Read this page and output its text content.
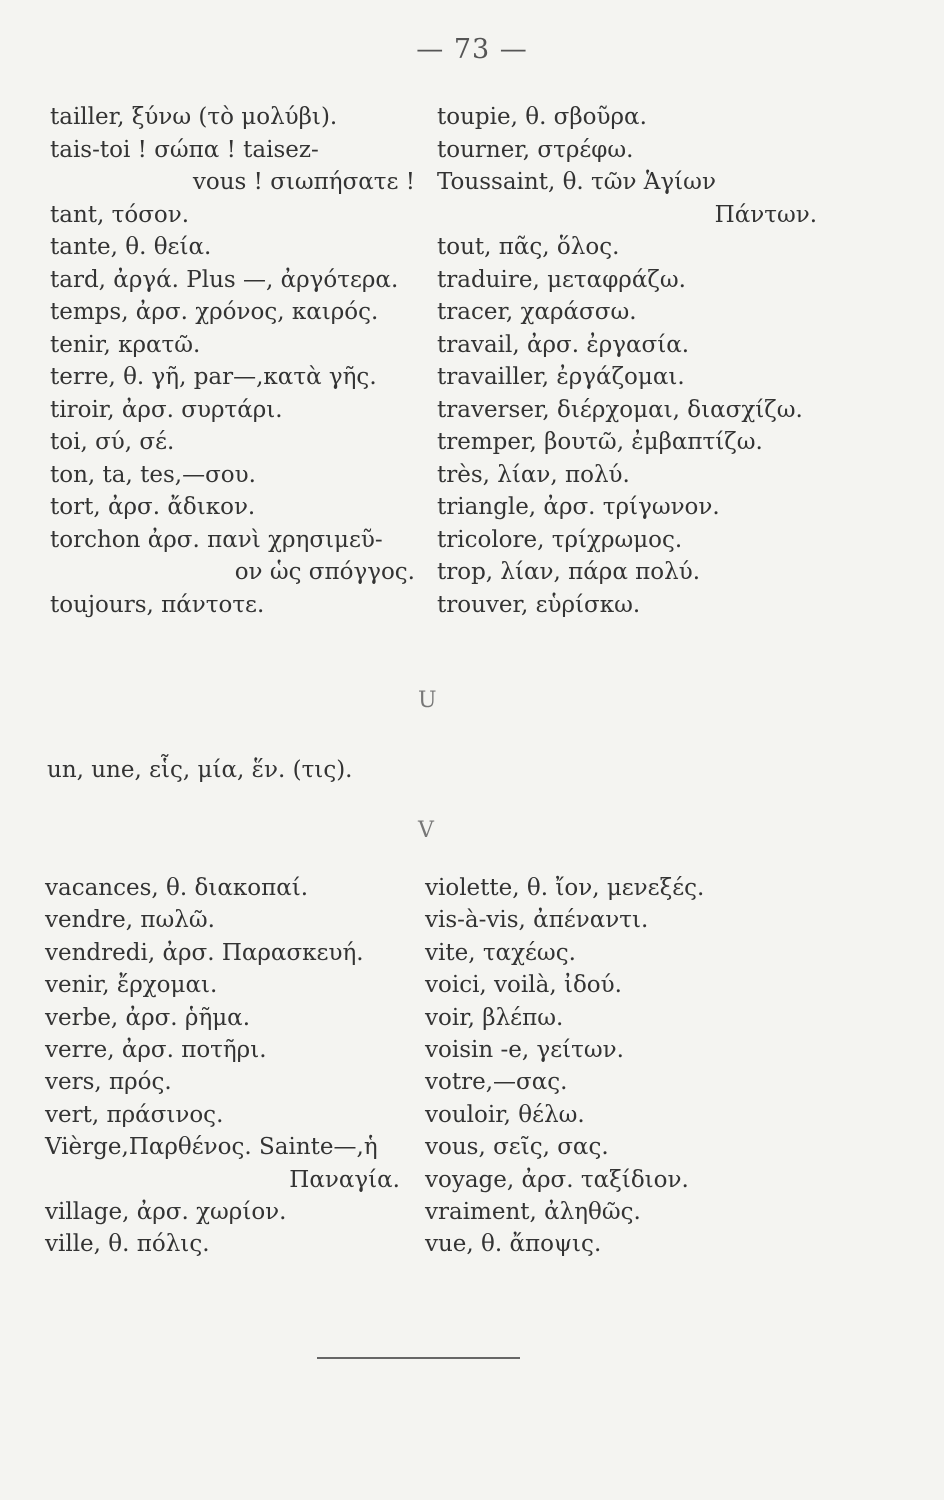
— 73 —
tailler, ξύνω (τὸ μολύβι).
tais-toi ! σώπα ! taisez-
vous ! σιωπήσατε !
tant, τόσον.
tante, θ. θεία.
tard, ἀργά. Plus —, ἀργότερα.
temps, ἀρσ. χρόνος, καιρός.
tenir, κρατῶ.
terre, θ. γῆ, par—,κατὰ γῆς.
tiroir, ἀρσ. συρτάρι.
toi, σύ, σέ.
ton, ta, tes,—σου.
tort, ἀρσ. ἄδικον.
torchon ἀρσ. πανὶ χρησιμεῦ-
ον ὡς σπόγγος.
toujours, πάντοτε.
toupie, θ. σβοῦρα.
tourner, στρέφω.
Toussaint, θ. τῶν Ἁγίων
Πάντων.
tout, πᾶς, ὅλος.
traduire, μεταφράζω.
tracer, χαράσσω.
travail, ἀρσ. ἐργασία.
travailler, ἐργάζομαι.
traverser, διέρχομαι, διασχίζω.
tremper, βουτῶ, ἐμβαπτίζω.
très, λίαν, πολύ.
triangle, ἀρσ. τρίγωνον.
tricolore, τρίχρωμος.
trop, λίαν, πάρα πολύ.
trouver, εὑρίσκω.
U
un, une, εἷς, μία, ἕν. (τις).
V
vacances, θ. διακοπαί.
vendre, πωλῶ.
vendredi, ἀρσ. Παρασκευή.
venir, ἔρχομαι.
verbe, ἀρσ. ῥῆμα.
verre, ἀρσ. ποτῆρι.
vers, πρός.
vert, πράσινος.
Vièrge,Παρθένος. Sainte—,ἡ
Παναγία.
village, ἀρσ. χωρίον.
ville, θ. πόλις.
violette, θ. ἴον, μενεξές.
vis-à-vis, ἀπέναντι.
vite, ταχέως.
voici, voilà, ἰδού.
voir, βλέπω.
voisin -e, γείτων.
votre,—σας.
vouloir, θέλω.
vous, σεῖς, σας.
voyage, ἀρσ. ταξίδιον.
vraiment, ἀληθῶς.
vue, θ. ἄποψις.
